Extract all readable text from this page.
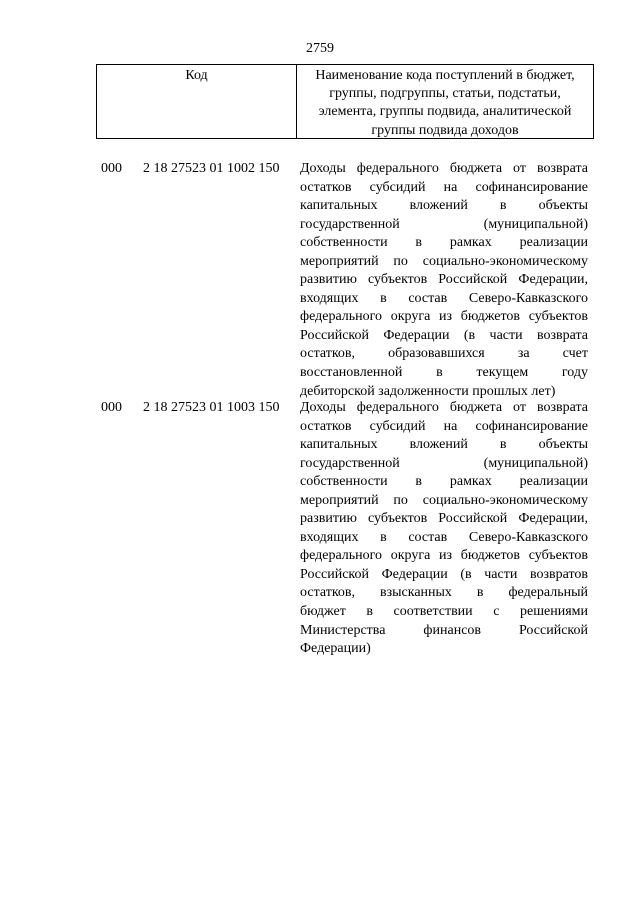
2759
Код	Наименование кода поступлений в бюджет, группы, подгруппы, статьи, подстатьи, элемента, группы подвида, аналитической группы подвида доходов
000 2 18 27523 01 1002 150 Доходы федерального бюджета от возврата
остатков субсидий на софинансирование
капитальных вложений в объекты
государственной (муниципальной)
собственности в рамках реализации
мероприятий по социально-экономическому
развитию субъектов Российской Федерации,
входящих в состав Северо-Кавказского
федерального округа из бюджетов субъектов
Российской Федерации (в части возврата
остатков, образовавшихся за счет
восстановленной в текущем году
дебиторской задолженности прошлых лет)
000 2 18 27523 01 1003 150 Доходы федерального бюджета от возврата
остатков субсидий на софинансирование
капитальных вложений в объекты
государственной (муниципальной)
собственности в рамках реализации
мероприятий по социально-экономическому
развитию субъектов Российской Федерации,
входящих в состав Северо-Кавказского
федерального округа из бюджетов субъектов
Российской Федерации (в части возвратов
остатков, взысканных в федеральный
бюджет в соответствии с решениями
Министерства финансов Российской
Федерации)
